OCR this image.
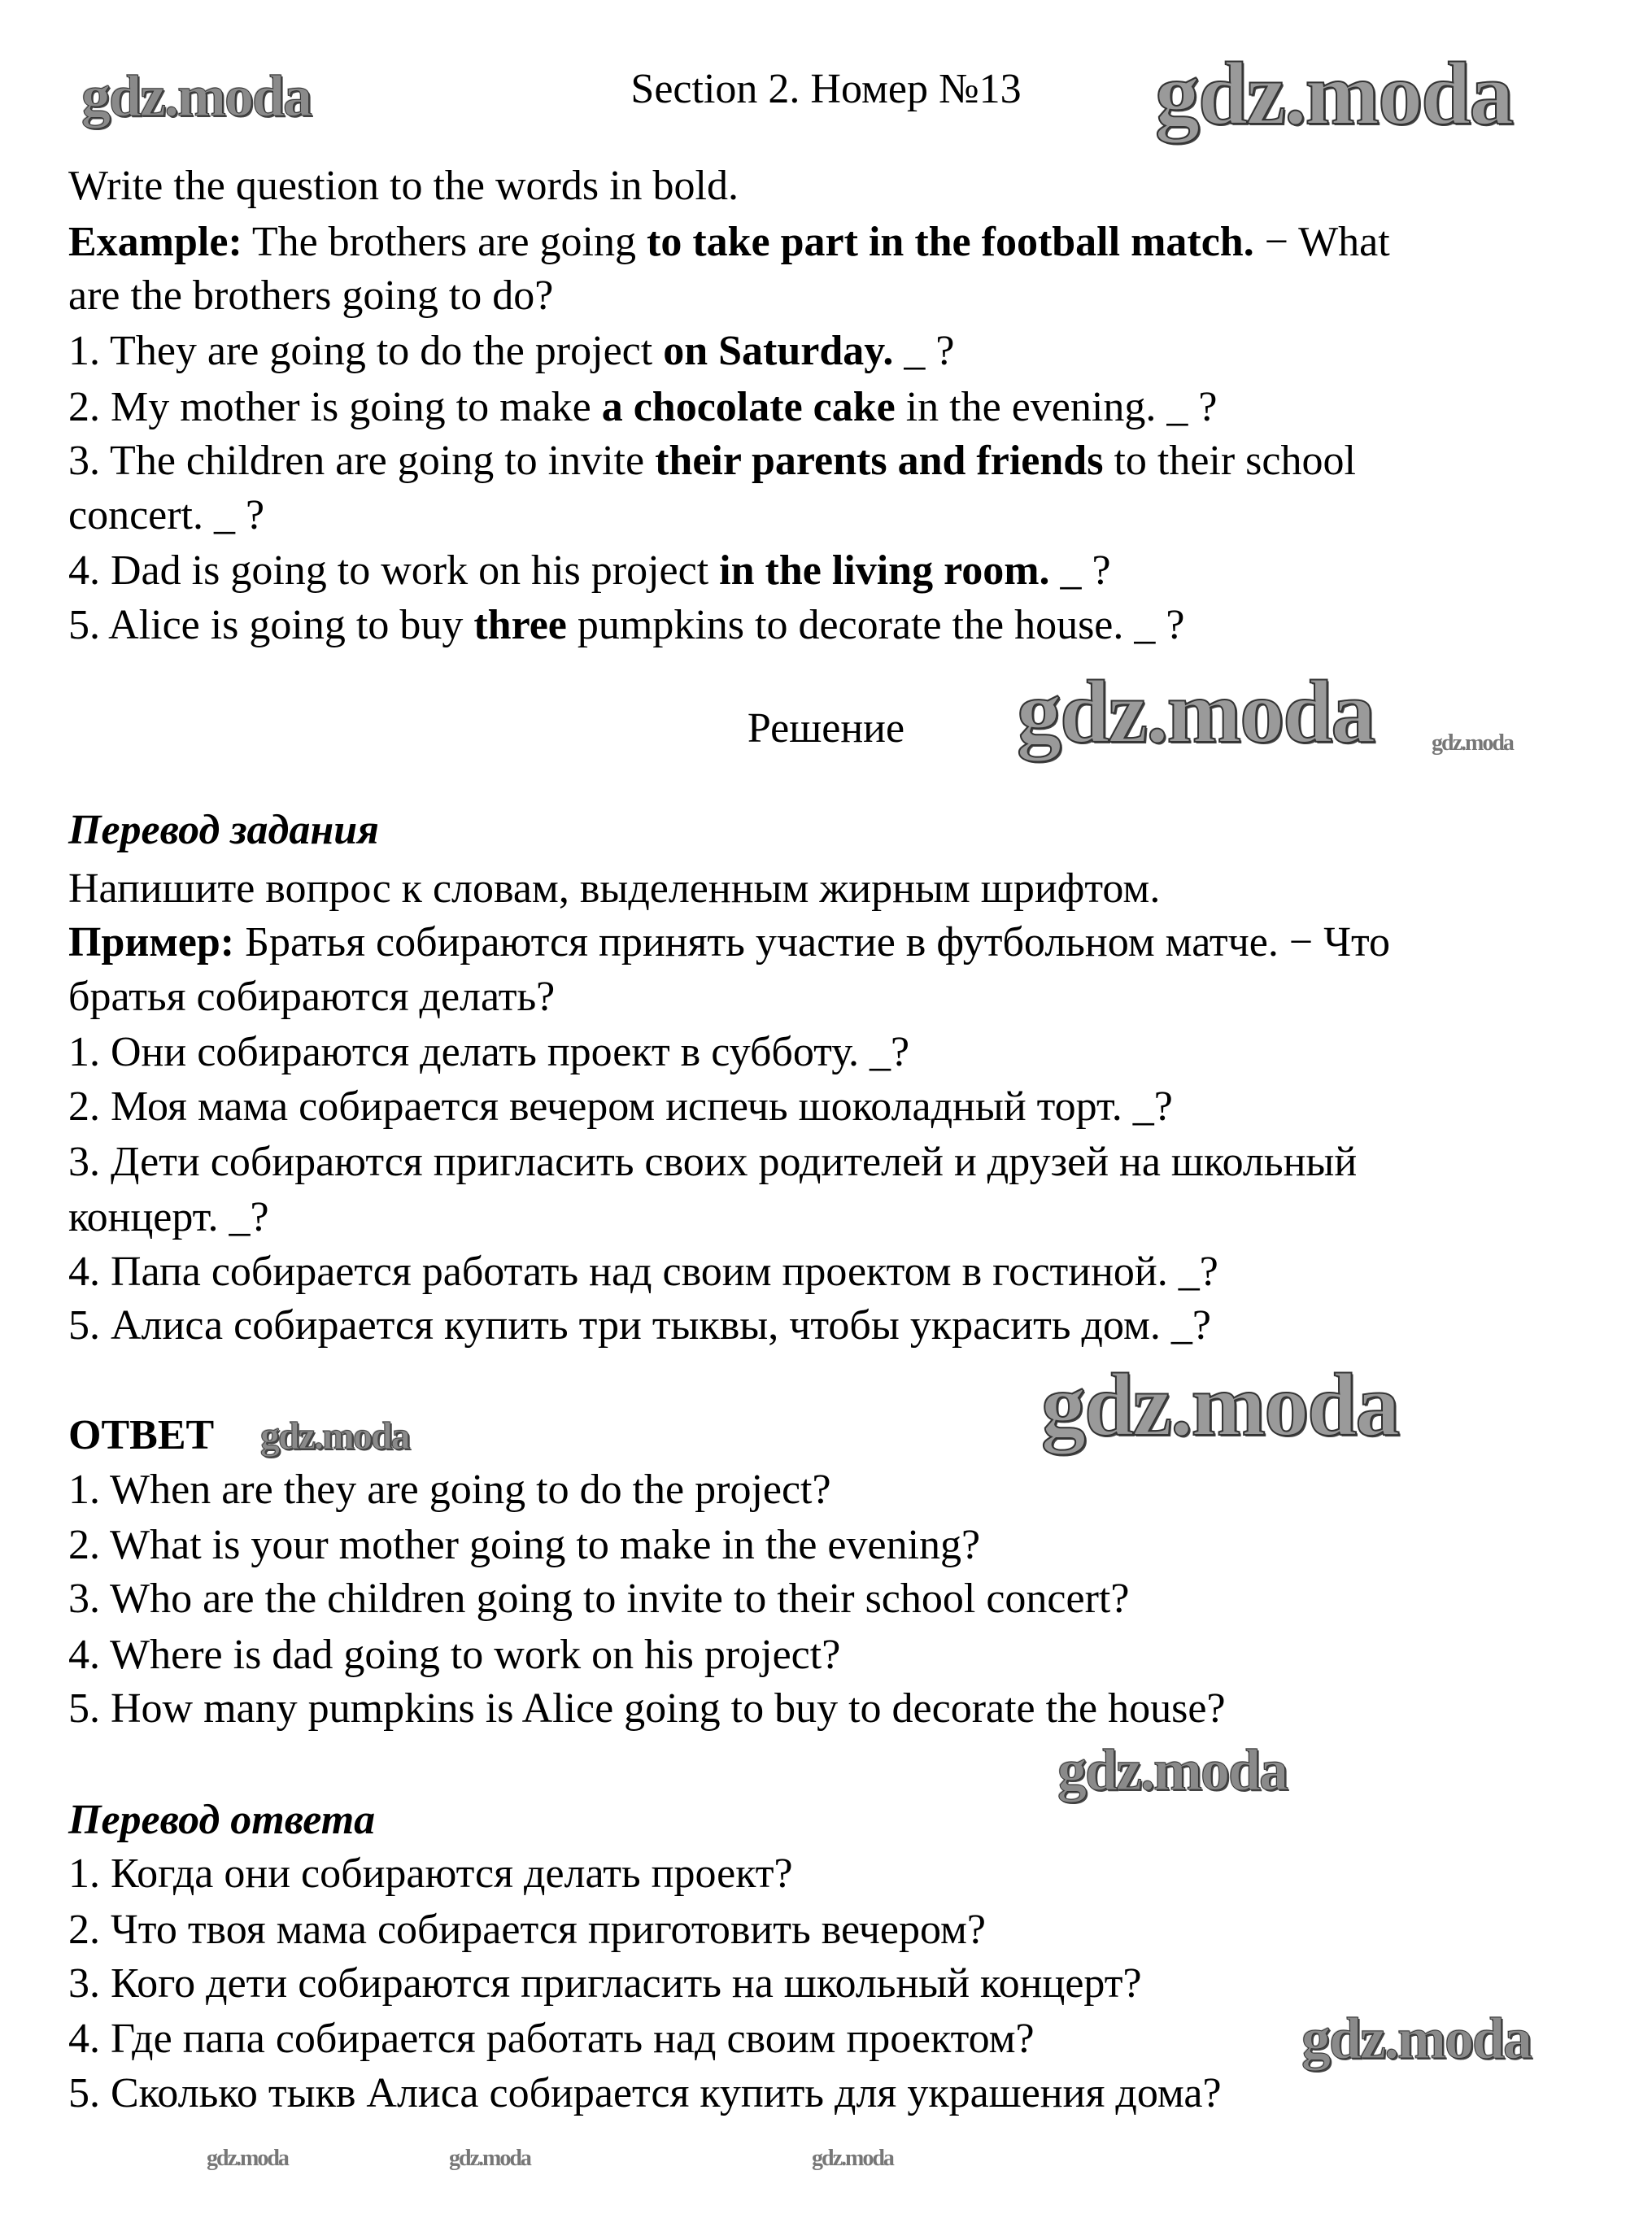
Section 2. Номер №13
Write the question to the words in bold.
Example: The brothers are going to take part in the football match. − What
are the brothers going to do?
1. They are going to do the project on Saturday. _ ?
2. My mother is going to make a chocolate cake in the evening. _ ?
3. The children are going to invite their parents and friends to their school
concert. _ ?
4. Dad is going to work on his project in the living room. _ ?
5. Alice is going to buy three pumpkins to decorate the house. _ ?
Решение
Перевод задания
Напишите вопрос к словам, выделенным жирным шрифтом.
Пример: Братья собираются принять участие в футбольном матче. − Что
братья собираются делать?
1. Они собираются делать проект в субботу. _?
2. Моя мама собирается вечером испечь шоколадный торт. _?
3. Дети собираются пригласить своих родителей и друзей на школьный
концерт. _?
4. Папа собирается работать над своим проектом в гостиной. _?
5. Алиса собирается купить три тыквы, чтобы украсить дом. _?
ОТВЕТ
1. When are they are going to do the project?
2. What is your mother going to make in the evening?
3. Who are the children going to invite to their school concert?
4. Where is dad going to work on his project?
5. How many pumpkins is Alice going to buy to decorate the house?
Перевод ответа
1. Когда они собираются делать проект?
2. Что твоя мама собирается приготовить вечером?
3. Кого дети собираются пригласить на школьный концерт?
4. Где папа собирается работать над своим проектом?
5. Сколько тыкв Алиса собирается купить для украшения дома?
gdz.moda	gdz.moda
gdz.moda
gdz.moda
gdz.moda
gdz.moda
gdz.moda
gdz.moda
gdz.moda
gdz.moda	gdz.moda
